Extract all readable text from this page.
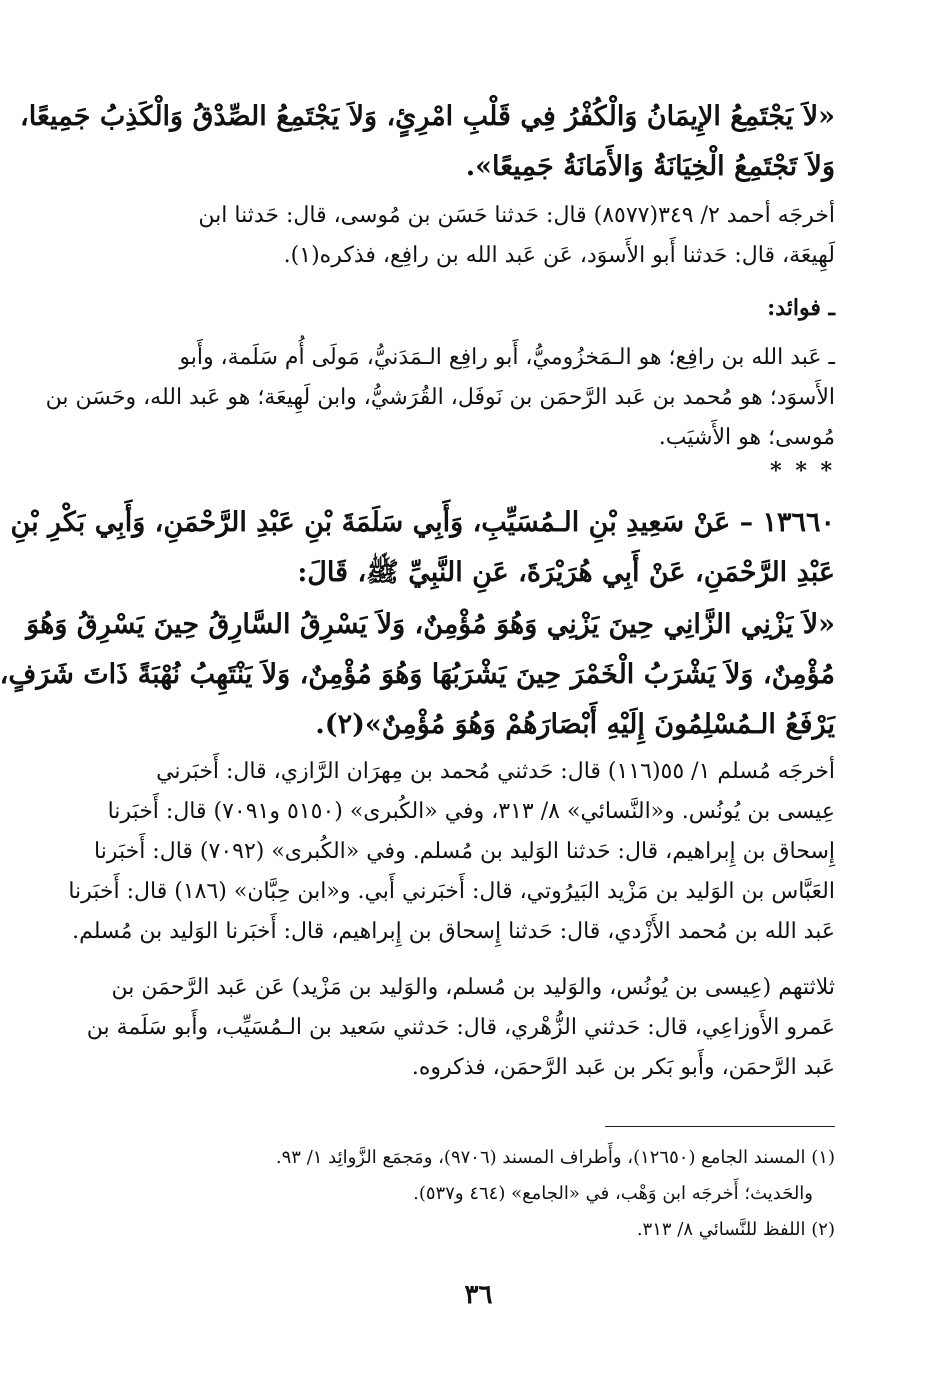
«لاَ يَجْتَمِعُ الإِيمَانُ وَالْكُفْرُ فِي قَلْبِ امْرِئٍ، وَلاَ يَجْتَمِعُ الصِّدْقُ وَالْكَذِبُ جَمِيعًا،
وَلاَ تَجْتَمِعُ الْخِيَانَةُ وَالأَمَانَةُ جَمِيعًا».
أخرجَه أحمد ٢/ ٣٤٩(٨٥٧٧) قال: حَدثنا حَسَن بن مُوسى، قال: حَدثنا ابن
لَهِيعَة، قال: حَدثنا أَبو الأَسوَد، عَن عَبد الله بن رافِع، فذكره(١).
ـ فوائد:
ـ عَبد الله بن رافِع؛ هو الـمَخزُوميُّ، أَبو رافِع الـمَدَنيُّ، مَولَى أُم سَلَمة، وأَبو
الأَسوَد؛ هو مُحمد بن عَبد الرَّحمَن بن نَوفَل، القُرَشيُّ، وابن لَهِيعَة؛ هو عَبد الله، وحَسَن بن
مُوسى؛ هو الأَشيَب.
* * *
١٣٦٦٠ – عَنْ سَعِيدِ بْنِ الـمُسَيِّبِ، وَأَبِي سَلَمَةَ بْنِ عَبْدِ الرَّحْمَنِ، وَأَبِي بَكْرِ بْنِ
عَبْدِ الرَّحْمَنِ، عَنْ أَبِي هُرَيْرَةَ، عَنِ النَّبِيِّ ﷺ، قَالَ:
«لاَ يَزْنِي الزَّانِي حِينَ يَزْنِي وَهُوَ مُؤْمِنٌ، وَلاَ يَسْرِقُ السَّارِقُ حِينَ يَسْرِقُ وَهُوَ
مُؤْمِنٌ، وَلاَ يَشْرَبُ الْخَمْرَ حِينَ يَشْرَبُهَا وَهُوَ مُؤْمِنٌ، وَلاَ يَنْتَهِبُ نُهْبَةً ذَاتَ شَرَفٍ،
يَرْفَعُ الـمُسْلِمُونَ إِلَيْهِ أَبْصَارَهُمْ وَهُوَ مُؤْمِنٌ»(٢).
أخرجَه مُسلم ١/ ٥٥(١١٦) قال: حَدثني مُحمد بن مِهرَان الرَّازي، قال: أَخبَرني
عِيسى بن يُونُس. و«النَّسائي» ٨/ ٣١٣، وفي «الكُبرى» (٥١٥٠ و٧٠٩١) قال: أَخبَرنا
إِسحاق بن إِبراهيم، قال: حَدثنا الوَليد بن مُسلم. وفي «الكُبرى» (٧٠٩٢) قال: أَخبَرنا
العَبَّاس بن الوَليد بن مَزْيد البَيرُوتي، قال: أَخبَرني أَبي. و«ابن حِبَّان» (١٨٦) قال: أَخبَرنا
عَبد الله بن مُحمد الأَزْدي، قال: حَدثنا إِسحاق بن إِبراهيم، قال: أَخبَرنا الوَليد بن مُسلم.
ثلاثتهم (عِيسى بن يُونُس، والوَليد بن مُسلم، والوَليد بن مَزْيد) عَن عَبد الرَّحمَن بن
عَمرو الأَوزاعِي، قال: حَدثني الزُّهْري، قال: حَدثني سَعيد بن الـمُسَيِّب، وأَبو سَلَمة بن
عَبد الرَّحمَن، وأَبو بَكر بن عَبد الرَّحمَن، فذكروه.
(١) المسند الجامع (١٢٦٥٠)، وأَطراف المسند (٩٧٠٦)، ومَجمَع الزَّوائِد ١/ ٩٣.
والحَديث؛ أَخرجَه ابن وَهْب، في «الجامع» (٤٦٤ و٥٣٧).
(٢) اللفظ للنَّسائي ٨/ ٣١٣.
٣٦
